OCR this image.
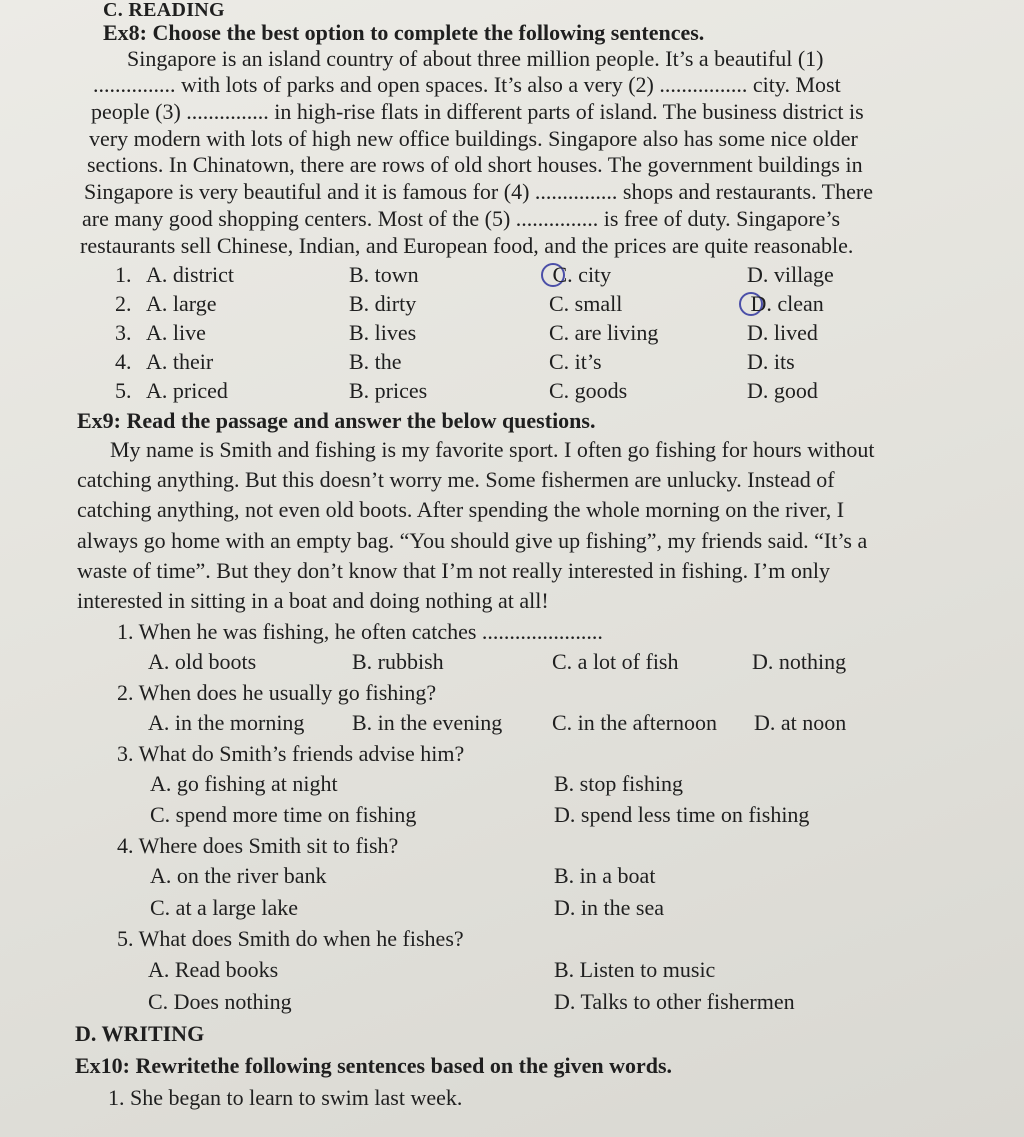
C. READING
Ex8: Choose the best option to complete the following sentences.
Singapore is an island country of about three million people. It’s a beautiful (1)
............... with lots of parks and open spaces. It’s also a very (2) ................ city. Most
people (3) ............... in high-rise flats in different parts of island. The business district is
very modern with lots of high new office buildings. Singapore also has some nice older
sections. In Chinatown, there are rows of old short houses. The government buildings in
Singapore is very beautiful and it is famous for (4) ............... shops and restaurants. There
are many good shopping centers. Most of the (5) ............... is free of duty. Singapore’s
restaurants sell Chinese, Indian, and European food, and the prices are quite reasonable.
1. A. district	B. town	C. city	D. village
2. A. large	B. dirty	C. small	D. clean
3. A. live	B. lives	C. are living	D. lived
4. A. their	B. the	C. it’s	D. its
5. A. priced	B. prices	C. goods	D. good
Ex9: Read the passage and answer the below questions.
My name is Smith and fishing is my favorite sport. I often go fishing for hours without
catching anything. But this doesn’t worry me. Some fishermen are unlucky. Instead of
catching anything, not even old boots. After spending the whole morning on the river, I
always go home with an empty bag. “You should give up fishing”, my friends said. “It’s a
waste of time”. But they don’t know that I’m not really interested in fishing. I’m only
interested in sitting in a boat and doing nothing at all!
1. When he was fishing, he often catches ......................
A. old boots	B. rubbish	C. a lot of fish	D. nothing
2. When does he usually go fishing?
A. in the morning B. in the evening C. in the afternoon D. at noon
3. What do Smith’s friends advise him?
A. go fishing at night	B. stop fishing
C. spend more time on fishing	D. spend less time on fishing
4. Where does Smith sit to fish?
A. on the river bank	B. in a boat
C. at a large lake	D. in the sea
5. What does Smith do when he fishes?
A. Read books	B. Listen to music
C. Does nothing	D. Talks to other fishermen
D. WRITING
Ex10: Rewritethe following sentences based on the given words.
1. She began to learn to swim last week.
